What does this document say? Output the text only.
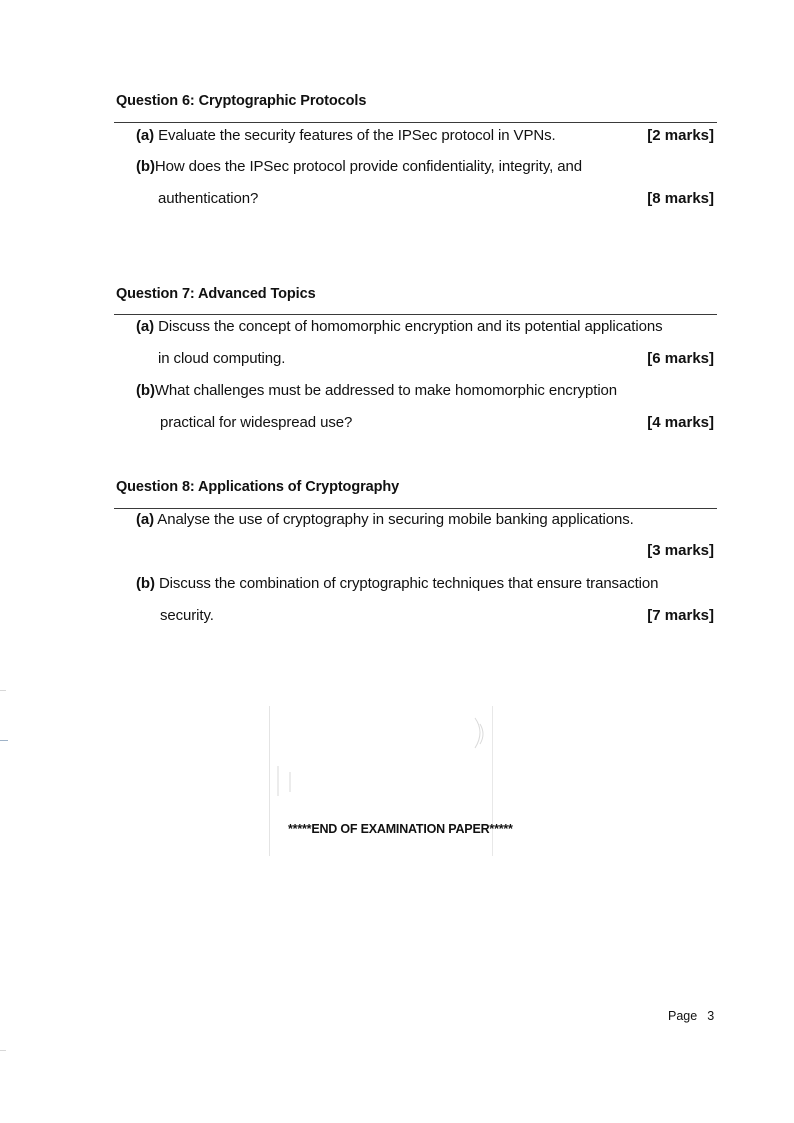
Question 6: Cryptographic Protocols
(a) Evaluate the security features of the IPSec protocol in VPNs.	[2 marks]
(b)How does the IPSec protocol provide confidentiality, integrity, and
authentication?	[8 marks]
Question 7: Advanced Topics
(a) Discuss the concept of homomorphic encryption and its potential applications
in cloud computing.	[6 marks]
(b)What challenges must be addressed to make homomorphic encryption
practical for widespread use?	[4 marks]
Question 8: Applications of Cryptography
(a) Analyse the use of cryptography in securing mobile banking applications.
[3 marks]
(b) Discuss the combination of cryptographic techniques that ensure transaction
security.	[7 marks]
*****END OF EXAMINATION PAPER*****
Page 3
